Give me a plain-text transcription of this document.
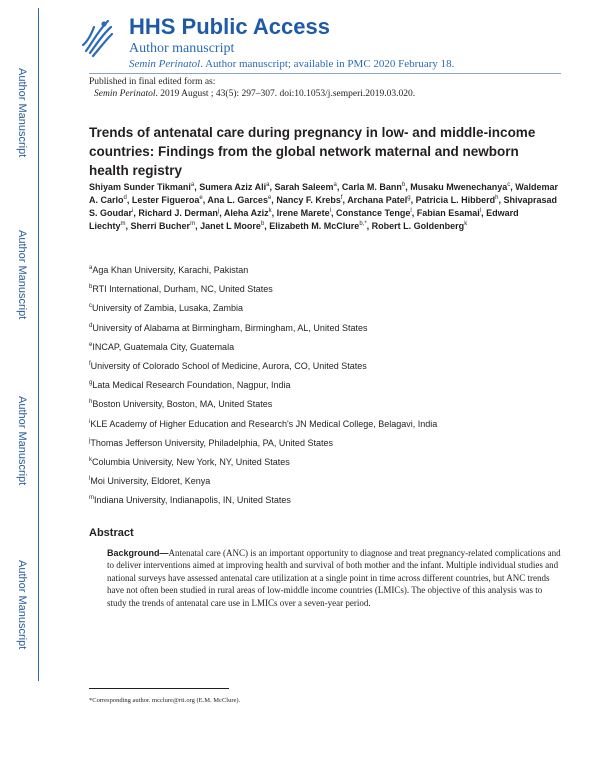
Author Manuscript
Author Manuscript
Author Manuscript
Author Manuscript
HHS Public Access
Author manuscript
Semin Perinatol. Author manuscript; available in PMC 2020 February 18.
Published in final edited form as:
Semin Perinatol. 2019 August ; 43(5): 297–307. doi:10.1053/j.semperi.2019.03.020.
Trends of antenatal care during pregnancy in low- and middle-income countries: Findings from the global network maternal and newborn health registry

Shiyam Sunder Tikmani$^a$, Sumera Aziz Ali$^a$, Sarah Saleem$^a$, Carla M. Bann$^b$, Musaku Mwenechanya$^c$, Waldemar A. Carlo$^d$, Lester Figueroa$^e$, Ana L. Garces$^e$, Nancy F. Krebs$^f$, Archana Patel$^g$, Patricia L. Hibberd$^h$, Shivaprasad S. Goudar$^i$, Richard J. Derman$^j$, Aleha Aziz$^k$, Irene Marete$^l$, Constance Tenge$^l$, Fabian Esamai$^l$, Edward Liechty$^m$, Sherri Bucher$^m$, Janet L Moore$^b$, Elizabeth M. McClure$^{b,*}$, Robert L. Goldenberg$^k$

$^a$Aga Khan University, Karachi, Pakistan
$^b$RTI International, Durham, NC, United States
$^c$University of Zambia, Lusaka, Zambia
$^d$University of Alabama at Birmingham, Birmingham, AL, United States
$^e$INCAP, Guatemala City, Guatemala
$^f$University of Colorado School of Medicine, Aurora, CO, United States
$^g$Lata Medical Research Foundation, Nagpur, India
$^h$Boston University, Boston, MA, United States
$^i$KLE Academy of Higher Education and Research's JN Medical College, Belagavi, India
$^j$Thomas Jefferson University, Philadelphia, PA, United States
$^k$Columbia University, New York, NY, United States
$^l$Moi University, Eldoret, Kenya
$^m$Indiana University, Indianapolis, IN, United States
Abstract

Background—Antenatal care (ANC) is an important opportunity to diagnose and treat pregnancy-related complications and to deliver interventions aimed at improving health and survival of both mother and the infant. Multiple individual studies and national surveys have assessed antenatal care utilization at a single point in time across different countries, but ANC trends have not often been studied in rural areas of low-middle income countries (LMICs). The objective of this analysis was to study the trends of antenatal care use in LMICs over a seven-year period.

*Corresponding author. mcclure@rti.org (E.M. McClure).
